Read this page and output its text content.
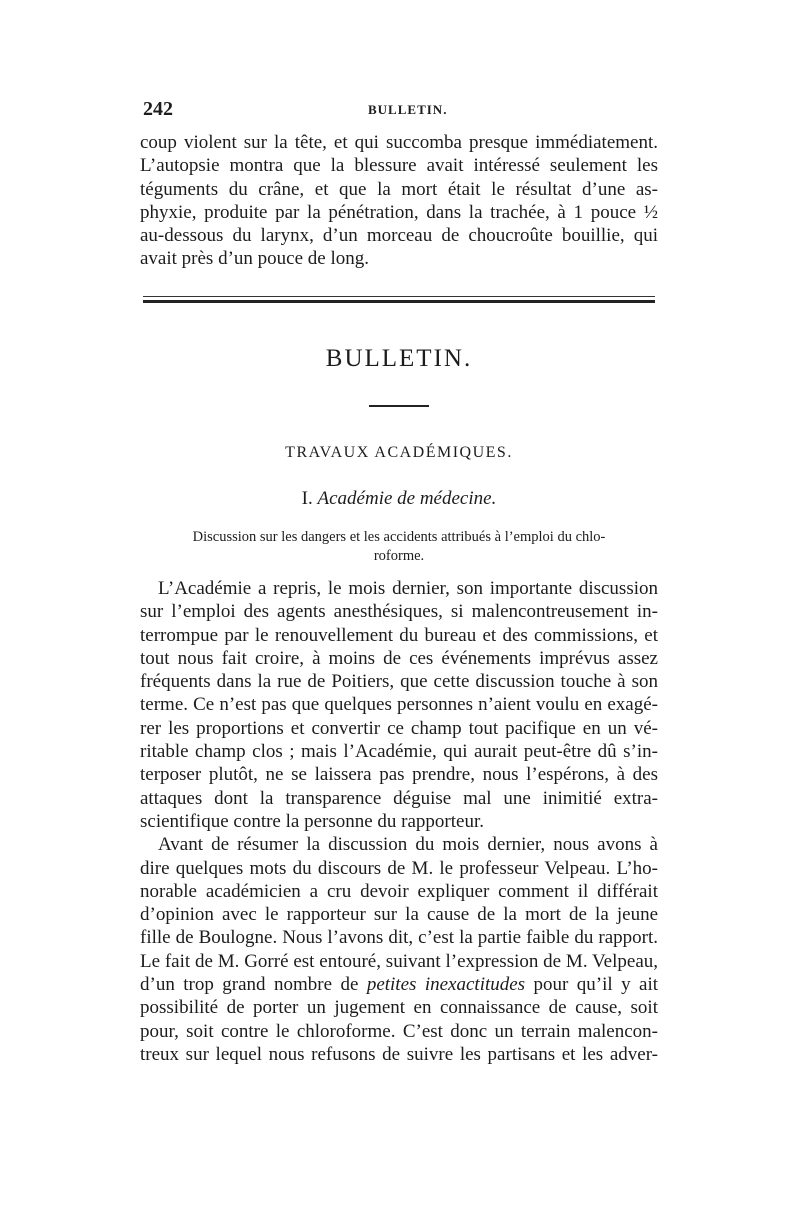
242	BULLETIN.
coup violent sur la tête, et qui succomba presque immédiatement.
L’autopsie montra que la blessure avait intéressé seulement les
téguments du crâne, et que la mort était le résultat d’une as-
phyxie, produite par la pénétration, dans la trachée, à 1 pouce ½
au-dessous du larynx, d’un morceau de choucroûte bouillie, qui
avait près d’un pouce de long.
BULLETIN.
TRAVAUX ACADÉMIQUES.
I. Académie de médecine.
Discussion sur les dangers et les accidents attribués à l’emploi du chlo-
roforme.
L’Académie a repris, le mois dernier, son importante discussion
sur l’emploi des agents anesthésiques, si malencontreusement in-
terrompue par le renouvellement du bureau et des commissions, et
tout nous fait croire, à moins de ces événements imprévus assez
fréquents dans la rue de Poitiers, que cette discussion touche à son
terme. Ce n’est pas que quelques personnes n’aient voulu en exagé-
rer les proportions et convertir ce champ tout pacifique en un vé-
ritable champ clos ; mais l’Académie, qui aurait peut-être dû s’in-
terposer plutôt, ne se laissera pas prendre, nous l’espérons, à des
attaques dont la transparence déguise mal une inimitié extra-
scientifique contre la personne du rapporteur.
Avant de résumer la discussion du mois dernier, nous avons à
dire quelques mots du discours de M. le professeur Velpeau. L’ho-
norable académicien a cru devoir expliquer comment il différait
d’opinion avec le rapporteur sur la cause de la mort de la jeune
fille de Boulogne. Nous l’avons dit, c’est la partie faible du rapport.
Le fait de M. Gorré est entouré, suivant l’expression de M. Velpeau,
d’un trop grand nombre de petites inexactitudes pour qu’il y ait
possibilité de porter un jugement en connaissance de cause, soit
pour, soit contre le chloroforme. C’est donc un terrain malencon-
treux sur lequel nous refusons de suivre les partisans et les adver-
